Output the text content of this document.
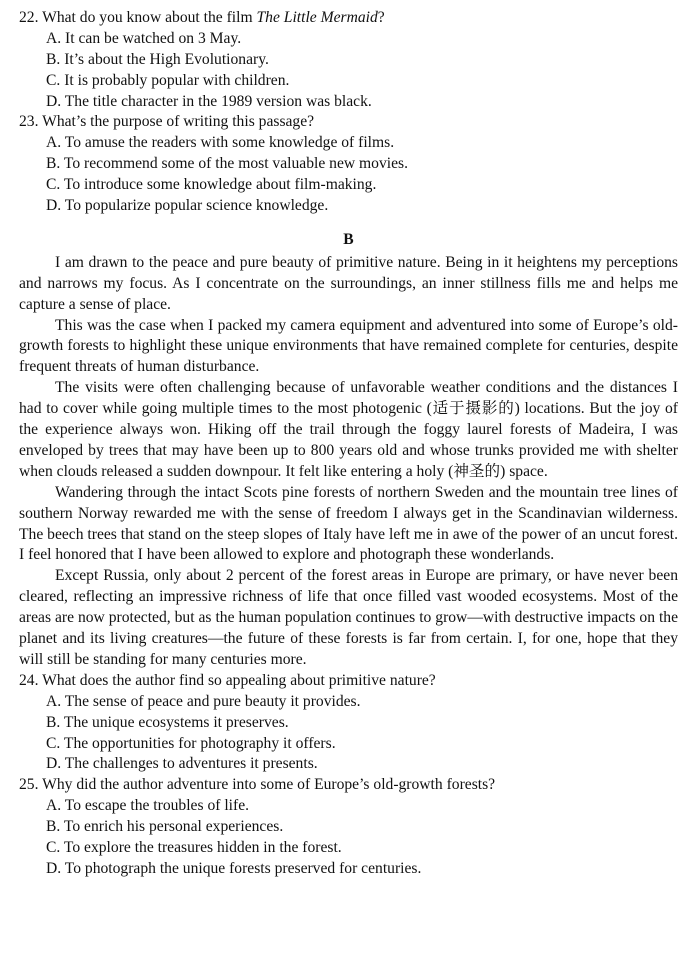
22. What do you know about the film The Little Mermaid?
A. It can be watched on 3 May.
B. It’s about the High Evolutionary.
C. It is probably popular with children.
D. The title character in the 1989 version was black.
23. What’s the purpose of writing this passage?
A. To amuse the readers with some knowledge of films.
B. To recommend some of the most valuable new movies.
C. To introduce some knowledge about film-making.
D. To popularize popular science knowledge.
B

I am drawn to the peace and pure beauty of primitive nature. Being in it heightens my perceptions and narrows my focus. As I concentrate on the surroundings, an inner stillness fills me and helps me capture a sense of place.

This was the case when I packed my camera equipment and adventured into some of Europe’s old-growth forests to highlight these unique environments that have remained complete for centuries, despite frequent threats of human disturbance.

The visits were often challenging because of unfavorable weather conditions and the distances I had to cover while going multiple times to the most photogenic (适于摄影的) locations. But the joy of the experience always won. Hiking off the trail through the foggy laurel forests of Madeira, I was enveloped by trees that may have been up to 800 years old and whose trunks provided me with shelter when clouds released a sudden downpour. It felt like entering a holy (神圣的) space.

Wandering through the intact Scots pine forests of northern Sweden and the mountain tree lines of southern Norway rewarded me with the sense of freedom I always get in the Scandinavian wilderness. The beech trees that stand on the steep slopes of Italy have left me in awe of the power of an uncut forest. I feel honored that I have been allowed to explore and photograph these wonderlands.

Except Russia, only about 2 percent of the forest areas in Europe are primary, or have never been cleared, reflecting an impressive richness of life that once filled vast wooded ecosystems. Most of the areas are now protected, but as the human population continues to grow—with destructive impacts on the planet and its living creatures—the future of these forests is far from certain. I, for one, hope that they will still be standing for many centuries more.

24. What does the author find so appealing about primitive nature?
A. The sense of peace and pure beauty it provides.
B. The unique ecosystems it preserves.
C. The opportunities for photography it offers.
D. The challenges to adventures it presents.
25. Why did the author adventure into some of Europe’s old-growth forests?
A. To escape the troubles of life.
B. To enrich his personal experiences.
C. To explore the treasures hidden in the forest.
D. To photograph the unique forests preserved for centuries.
